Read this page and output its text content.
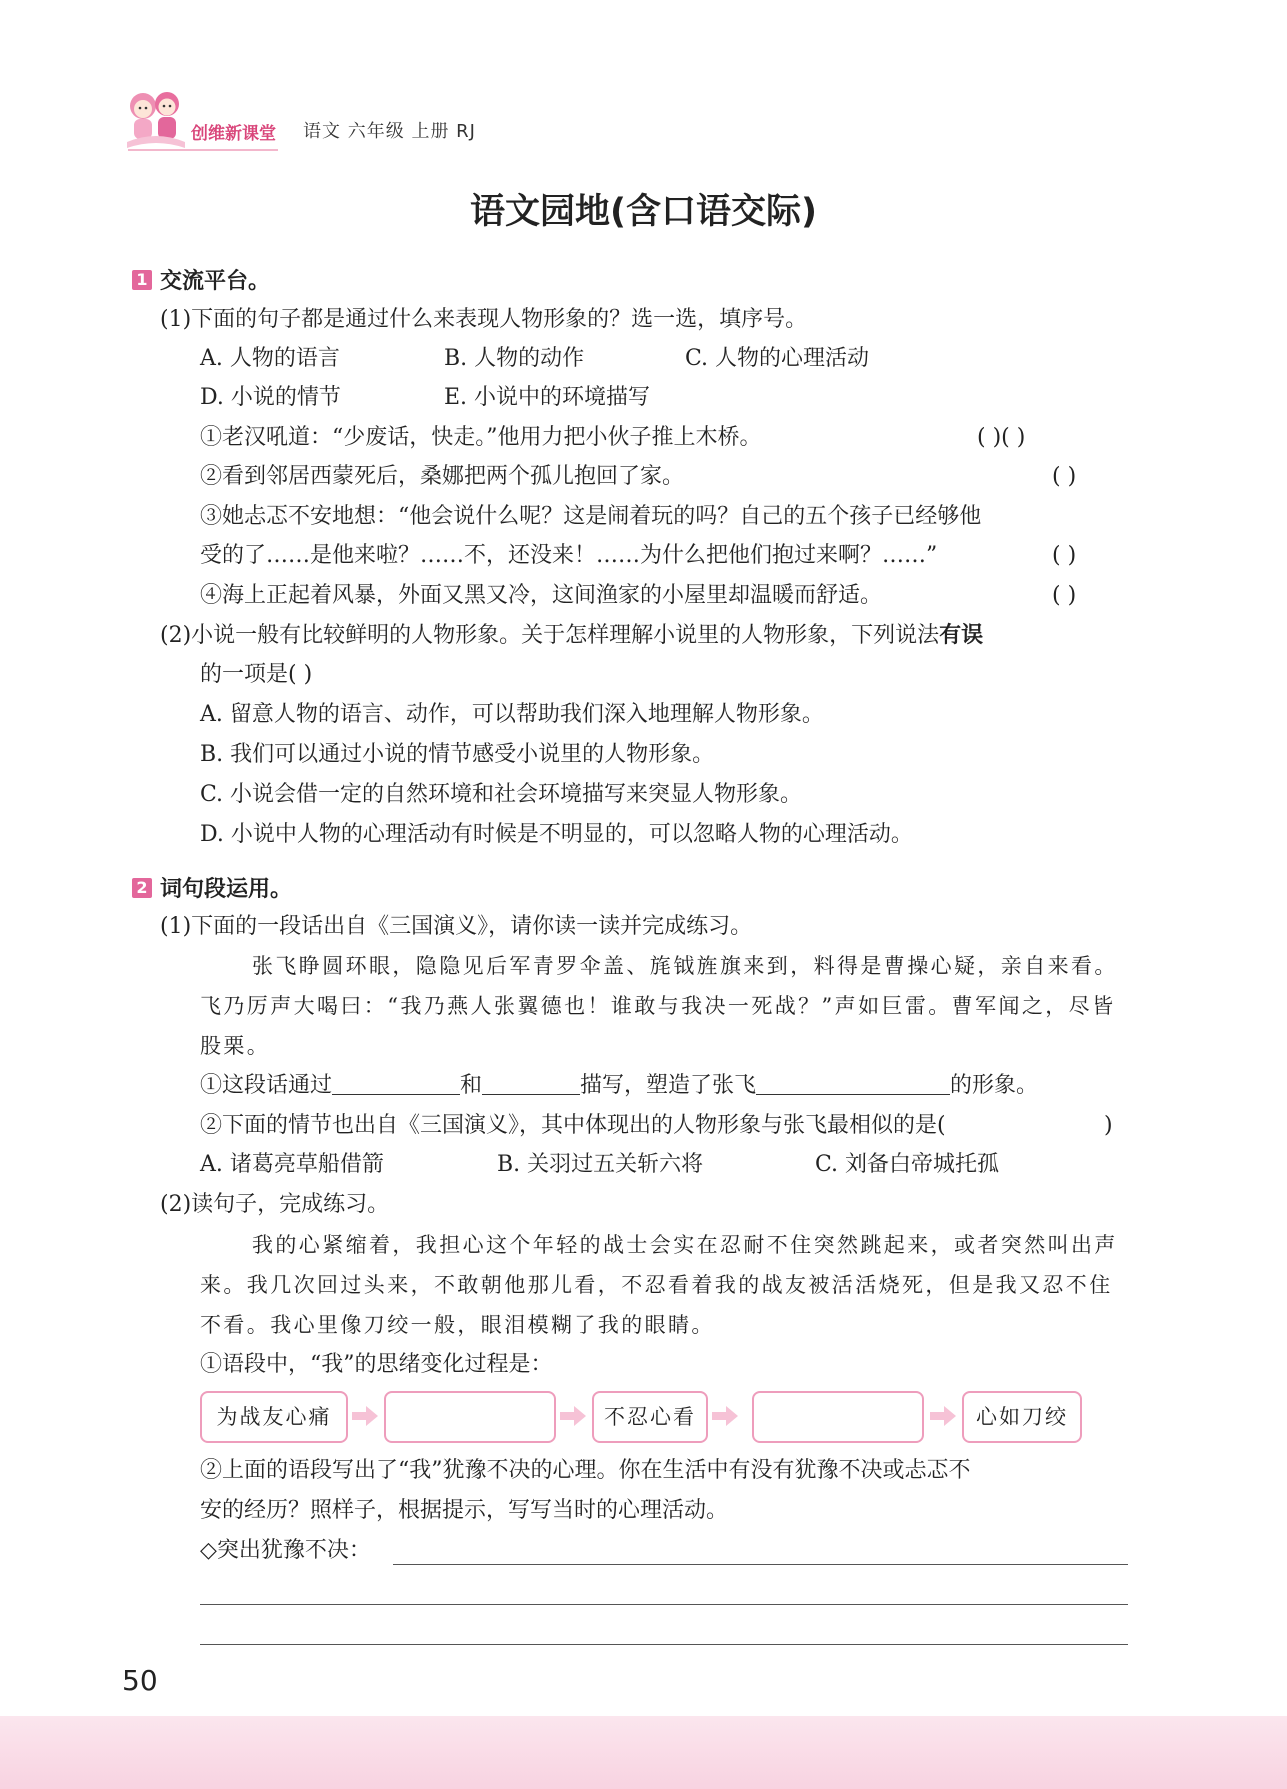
创维新课堂 语文 六年级 上册 RJ
语文园地(含口语交际)
1 交流平台。
(1)下面的句子都是通过什么来表现人物形象的？选一选，填序号。
A. 人物的语言	B. 人物的动作	C. 人物的心理活动
D. 小说的情节	E. 小说中的环境描写
①老汉吼道：“少废话，快走。”他用力把小伙子推上木桥。	( )( )
②看到邻居西蒙死后，桑娜把两个孤儿抱回了家。	( )
③她忐忑不安地想：“他会说什么呢？这是闹着玩的吗？自己的五个孩子已经够他
受的了……是他来啦？……不，还没来！……为什么把他们抱过来啊？……”	( )
④海上正起着风暴，外面又黑又冷，这间渔家的小屋里却温暖而舒适。	( )
(2)小说一般有比较鲜明的人物形象。关于怎样理解小说里的人物形象，下列说法有误
的一项是( )
A. 留意人物的语言、动作，可以帮助我们深入地理解人物形象。
B. 我们可以通过小说的情节感受小说里的人物形象。
C. 小说会借一定的自然环境和社会环境描写来突显人物形象。
D. 小说中人物的心理活动有时候是不明显的，可以忽略人物的心理活动。
2 词句段运用。
(1)下面的一段话出自《三国演义》，请你读一读并完成练习。
张飞睁圆环眼，隐隐见后军青罗伞盖、旄钺旌旗来到，料得是曹操心疑，亲自来看。飞乃厉声大喝曰：“我乃燕人张翼德也！谁敢与我决一死战？”声如巨雷。曹军闻之，尽皆股栗。
①这段话通过	和	描写，塑造了张飞	的形象。
②下面的情节也出自《三国演义》，其中体现出的人物形象与张飞最相似的是(	)
A. 诸葛亮草船借箭	B. 关羽过五关斩六将	C. 刘备白帝城托孤
(2)读句子，完成练习。
我的心紧缩着，我担心这个年轻的战士会实在忍耐不住突然跳起来，或者突然叫出声来。我几次回过头来，不敢朝他那儿看，不忍看着我的战友被活活烧死，但是我又忍不住不看。我心里像刀绞一般，眼泪模糊了我的眼睛。
①语段中，“我”的思绪变化过程是：
为战友心痛	不忍心看	心如刀绞
②上面的语段写出了“我”犹豫不决的心理。你在生活中有没有犹豫不决或忐忑不
安的经历？照样子，根据提示，写写当时的心理活动。
◇突出犹豫不决：
50
